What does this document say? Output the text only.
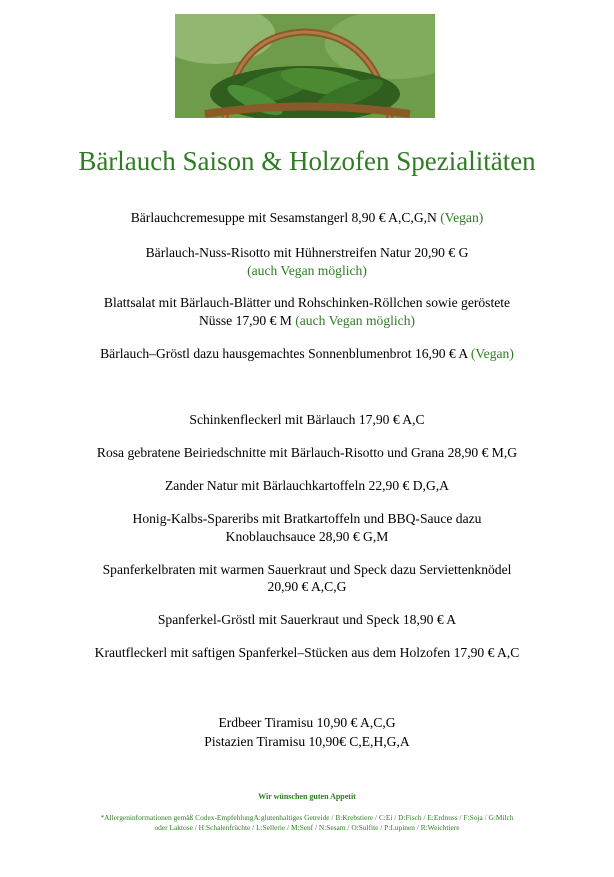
Bärlauch Saison & Holzofen Spezialitäten
Bärlauchcremesuppe mit Sesamstangerl 8,90 € A,C,G,N (Vegan)
Bärlauch-Nuss-Risotto mit Hühnerstreifen Natur 20,90 € G
(auch Vegan möglich)
Blattsalat mit Bärlauch-Blätter und Rohschinken-Röllchen sowie geröstete
Nüsse 17,90 € M (auch Vegan möglich)
Bärlauch–Gröstl dazu hausgemachtes Sonnenblumenbrot 16,90 € A (Vegan)
Schinkenfleckerl mit Bärlauch 17,90 € A,C
Rosa gebratene Beiriedschnitte mit Bärlauch-Risotto und Grana 28,90 € M,G
Zander Natur mit Bärlauchkartoffeln 22,90 € D,G,A
Honig-Kalbs-Spareribs mit Bratkartoffeln und BBQ-Sauce dazu
Knoblauchsauce 28,90 € G,M
Spanferkelbraten mit warmen Sauerkraut und Speck dazu Serviettenknödel
20,90 € A,C,G
Spanferkel-Gröstl mit Sauerkraut und Speck 18,90 € A
Krautfleckerl mit saftigen Spanferkel–Stücken aus dem Holzofen 17,90 € A,C
Erdbeer Tiramisu 10,90 € A,C,G
Pistazien Tiramisu 10,90€ C,E,H,G,A
Wir wünschen guten Appetit
*Allergeninformationen gemäß Codex-EmpfehlungA:glutenhaltiges Getreide / B:Krebstiere / C:Ei / D:Fisch / E:Erdnuss / F:Soja / G:Milch
oder Laktose / H:Schalenfrüchte / L:Sellerie / M:Senf / N:Sesam / O:Sulfite / P:Lupinen / R:Weichtiere
